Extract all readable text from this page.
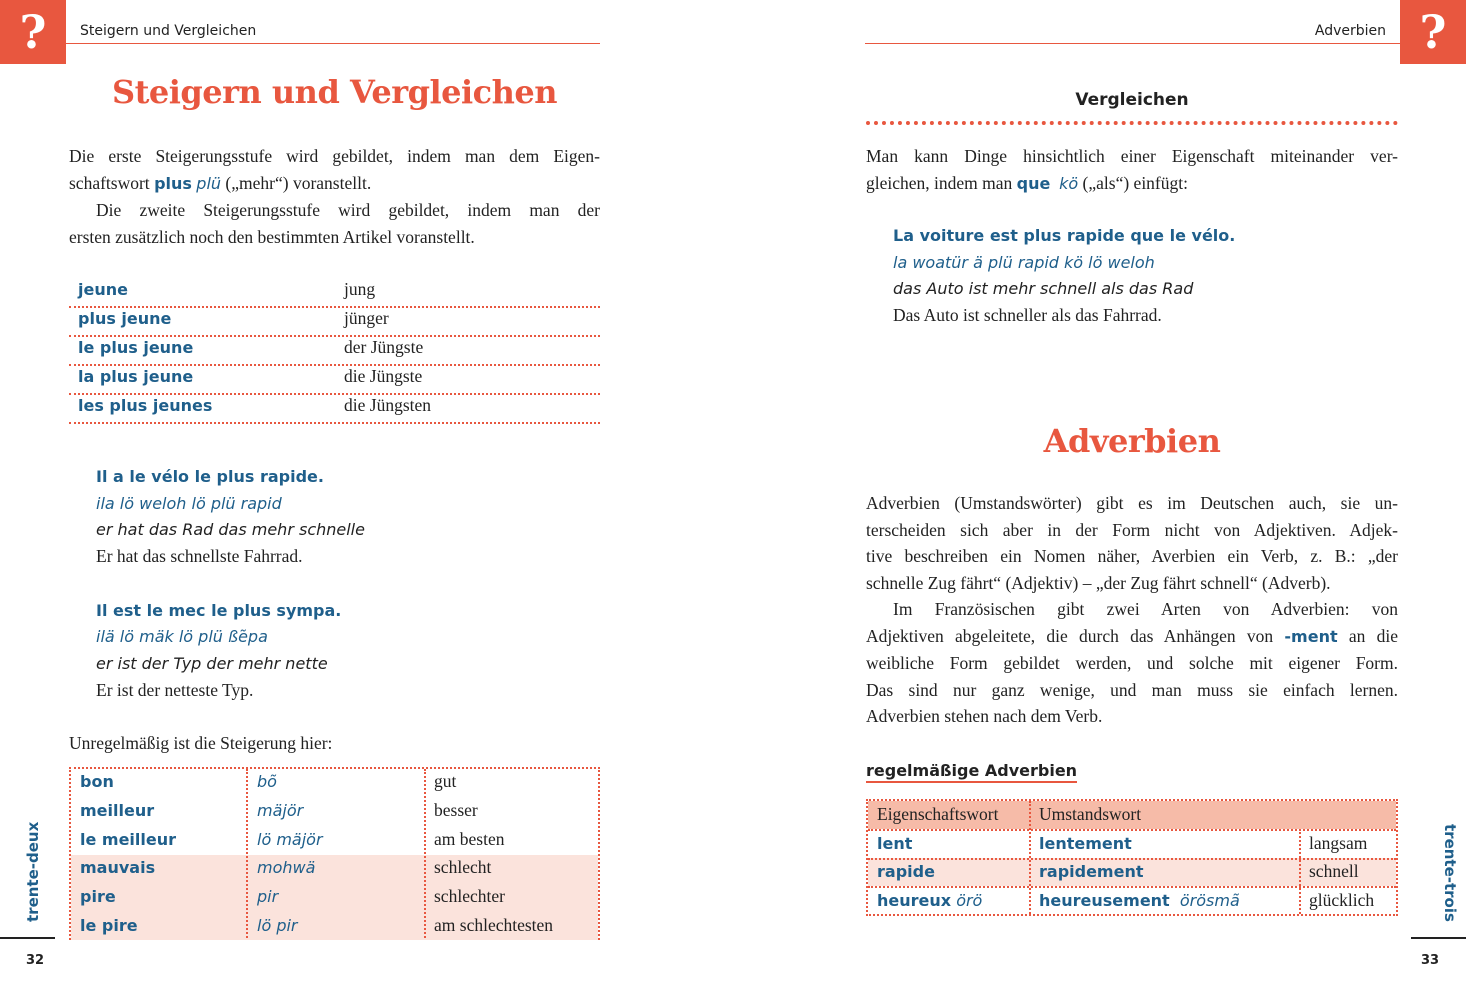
?	Steigern und Vergleichen
Steigern und Vergleichen
Die erste Steigerungsstufe wird gebildet, indem man dem Eigen-
schaftswort plus plü („mehr“) voranstellt.
Die zweite Steigerungsstufe wird gebildet, indem man der
ersten zusätzlich noch den bestimmten Artikel voranstellt.
jeune	jung
plus jeune	jünger
le plus jeune	der Jüngste
la plus jeune	die Jüngste
les plus jeunes	die Jüngsten
Il a le vélo le plus rapide.
ila lö weloh lö plü rapid
er hat das Rad das mehr schnelle
Er hat das schnellste Fahrrad.
Il est le mec le plus sympa.
ilä lö mäk lö plü ßẽpa
er ist der Typ der mehr nette
Er ist der netteste Typ.
Unregelmäßig ist die Steigerung hier:
bon	bõ	gut
meilleur	mäjör	besser
le meilleur	lö mäjör	am besten
mauvais	mohwä	schlecht
pire	pir	schlechter
le pire	lö pir	am schlechtesten
trente-deux
32
?
Adverbien
Vergleichen
Man kann Dinge hinsichtlich einer Eigenschaft miteinander ver-
gleichen, indem man que kö („als“) einfügt:
La voiture est plus rapide que le vélo.
la woatür ä plü rapid kö lö weloh
das Auto ist mehr schnell als das Rad
Das Auto ist schneller als das Fahrrad.
Adverbien
Adverbien (Umstandswörter) gibt es im Deutschen auch, sie un-
terscheiden sich aber in der Form nicht von Adjektiven. Adjek-
tive beschreiben ein Nomen näher, Averbien ein Verb, z. B.: „der
schnelle Zug fährt“ (Adjektiv) – „der Zug fährt schnell“ (Adverb).
Im Französischen gibt zwei Arten von Adverbien: von
Adjektiven abgeleitete, die durch das Anhängen von -ment an die
weibliche Form gebildet werden, und solche mit eigener Form.
Das sind nur ganz wenige, und man muss sie einfach lernen.
Adverbien stehen nach dem Verb.
regelmäßige Adverbien
Eigenschaftswort Umstandswort
lent	lentement	langsam
rapide	rapidement	schnell
heureux örö	heureusement örösmã	glücklich	trente-trois
33
